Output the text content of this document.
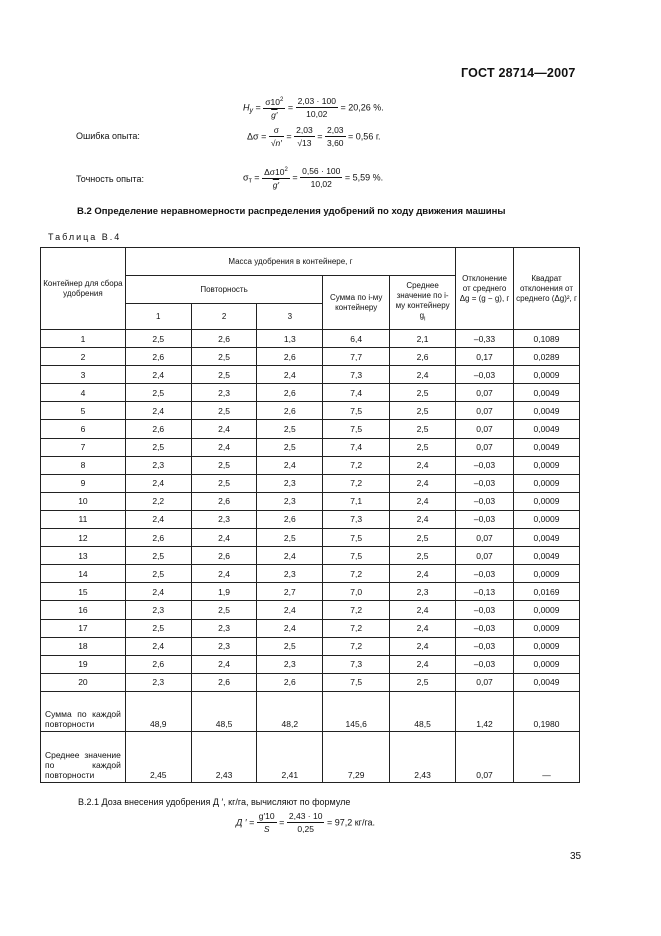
ГОСТ 28714—2007
$H_y = \frac{\sigma 10^2}{g'} = \frac{2,03 \cdot 100}{10,02} = 20,26$ %.
Ошибка опыта:	$\Delta\sigma = \frac{\sigma}{√n'} = \frac{2,03}{√13} = \frac{2,03}{3,60} = 0,56$ г.
Точность опыта:	$\sigma_т = \frac{\Delta\sigma 10^2}{g'} = \frac{0,56 \cdot 100}{10,02} = 5,59$ %.
В.2 Определение неравномерности распределения удобрений по ходу движения машины
Таблица В.4
Контейнер для сбора удобрения	Масса удобрения в контейнере, г					Отклонение от среднего Δg = (g − g), г	Квадрат отклонения от среднего (Δg)², г
	Повторность			Сумма по i-му контейнеру	Среднее значение по i-му контейнеру $g_i$
	1	2	3				
1	2,5	2,6	1,3	6,4	2,1	–0,33	0,1089
2	2,6	2,5	2,6	7,7	2,6	0,17	0,0289
3	2,4	2,5	2,4	7,3	2,4	–0,03	0,0009
4	2,5	2,3	2,6	7,4	2,5	0,07	0,0049
5	2,4	2,5	2,6	7,5	2,5	0,07	0,0049
6	2,6	2,4	2,5	7,5	2,5	0,07	0,0049
7	2,5	2,4	2,5	7,4	2,5	0,07	0,0049
8	2,3	2,5	2,4	7,2	2,4	–0,03	0,0009
9	2,4	2,5	2,3	7,2	2,4	–0,03	0,0009
10	2,2	2,6	2,3	7,1	2,4	–0,03	0,0009
11	2,4	2,3	2,6	7,3	2,4	–0,03	0,0009
12	2,6	2,4	2,5	7,5	2,5	0,07	0,0049
13	2,5	2,6	2,4	7,5	2,5	0,07	0,0049
14	2,5	2,4	2,3	7,2	2,4	–0,03	0,0009
15	2,4	1,9	2,7	7,0	2,3	–0,13	0,0169
16	2,3	2,5	2,4	7,2	2,4	–0,03	0,0009
17	2,5	2,3	2,4	7,2	2,4	–0,03	0,0009
18	2,4	2,3	2,5	7,2	2,4	–0,03	0,0009
19	2,6	2,4	2,3	7,3	2,4	–0,03	0,0009
20	2,3	2,6	2,6	7,5	2,5	0,07	0,0049
Сумма по каждой повторности	48,9	48,5	48,2	145,6	48,5	1,42	0,1980
Среднее значение по каждой повторности	2,45	2,43	2,41	7,29	2,43	0,07	—
В.2.1 Доза внесения удобрения Д ′, кг/га, вычисляют по формуле
Д ′ = $\frac{g'10}{S} = \frac{2,43 \cdot 10}{0,25} = 97,2$ кг/га.
35
